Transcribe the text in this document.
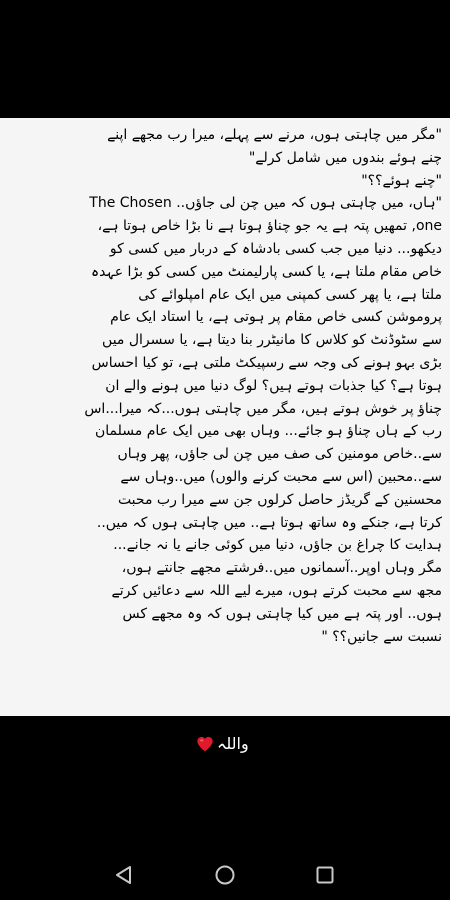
"مگر میں چاہتی ہوں، مرنے سے پہلے، میرا رب مجھے اپنے
چنے ہوئے بندوں میں شامل کرلے"
"چنے ہوئے؟؟"
"ہاں، میں چاہتی ہوں کہ میں چن لی جاؤں.. The Chosen
one, تمھیں پتہ ہے یہ جو چناؤ ہوتا ہے نا بڑا خاص ہوتا ہے،
دیکھو... دنیا میں جب کسی بادشاہ کے دربار میں کسی کو
خاص مقام ملتا ہے، یا کسی پارلیمنٹ میں کسی کو بڑا عہدہ
ملتا ہے، یا پھر کسی کمپنی میں ایک عام امپلوائے کی
پروموشن کسی خاص مقام پر ہوتی ہے، یا استاد ایک عام
سے سٹوڈنٹ کو کلاس کا مانیٹرر بنا دیتا ہے، یا سسرال میں
بڑی بہو ہونے کی وجہ سے رسپیکٹ ملتی ہے، تو کیا احساس
ہوتا ہے؟ کیا جذبات ہوتے ہیں؟ لوگ دنیا میں ہونے والے ان
چناؤ پر خوش ہوتے ہیں، مگر میں چاہتی ہوں...کہ میرا...اس
رب کے ہاں چناؤ ہو جائے... وہاں بھی میں ایک عام مسلمان
سے..خاص مومنین کی صف میں چن لی جاؤں، پھر وہاں
سے..محبین (اس سے محبت کرنے والوں) میں..وہاں سے
محسنین کے گریڈز حاصل کرلوں جن سے میرا رب محبت
کرتا ہے، جنکے وہ ساتھ ہوتا ہے.. میں چاہتی ہوں کہ میں..
ہدایت کا چراغ بن جاؤں، دنیا میں کوئی جانے یا نہ جانے...
مگر وہاں اوپر..آسمانوں میں..فرشتے مجھے جانتے ہوں،
مجھ سے محبت کرتے ہوں، میرے لیے اللہ سے دعائیں کرتے
ہوں.. اور پتہ ہے میں کیا چاہتی ہوں کہ وہ مجھے کس
نسبت سے جانیں؟؟ "
واللہ
